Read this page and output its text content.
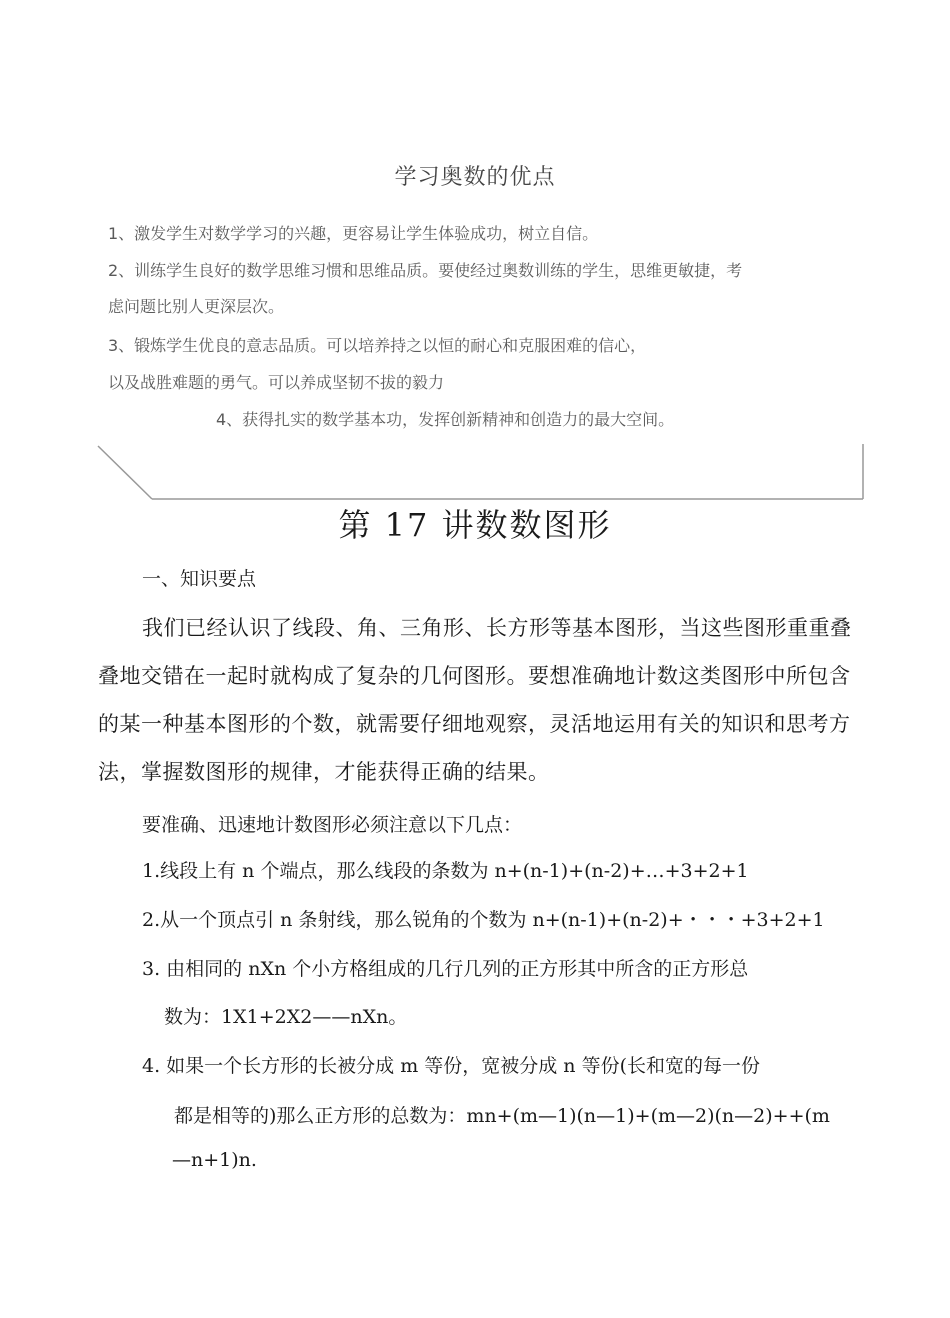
学习奥数的优点
1、激发学生对数学学习的兴趣，更容易让学生体验成功，树立自信。
2、训练学生良好的数学思维习惯和思维品质。要使经过奥数训练的学生，思维更敏捷，考
虑问题比别人更深层次。
3、锻炼学生优良的意志品质。可以培养持之以恒的耐心和克服困难的信心，
以及战胜难题的勇气。可以养成坚韧不拔的毅力
4、获得扎实的数学基本功，发挥创新精神和创造力的最大空间。
第 17 讲数数图形
一、知识要点
我们已经认识了线段、角、三角形、长方形等基本图形，当这些图形重重叠叠地交错在一起时就构成了复杂的几何图形。要想准确地计数这类图形中所包含的某一种基本图形的个数，就需要仔细地观察，灵活地运用有关的知识和思考方法，掌握数图形的规律，才能获得正确的结果。
要准确、迅速地计数图形必须注意以下几点：
1.线段上有 n 个端点，那么线段的条数为 n+(n-1)+(n-2)+…+3+2+1
2.从一个顶点引 n 条射线，那么锐角的个数为 n+(n-1)+(n-2)+・・・+3+2+1
3. 由相同的 nXn 个小方格组成的几行几列的正方形其中所含的正方形总
数为：1X1+2X2——nXn。
4. 如果一个长方形的长被分成 m 等份，宽被分成 n 等份(长和宽的每一份
都是相等的)那么正方形的总数为：mn+(m—1)(n—1)+(m—2)(n—2)++(m
—n+1)n.
